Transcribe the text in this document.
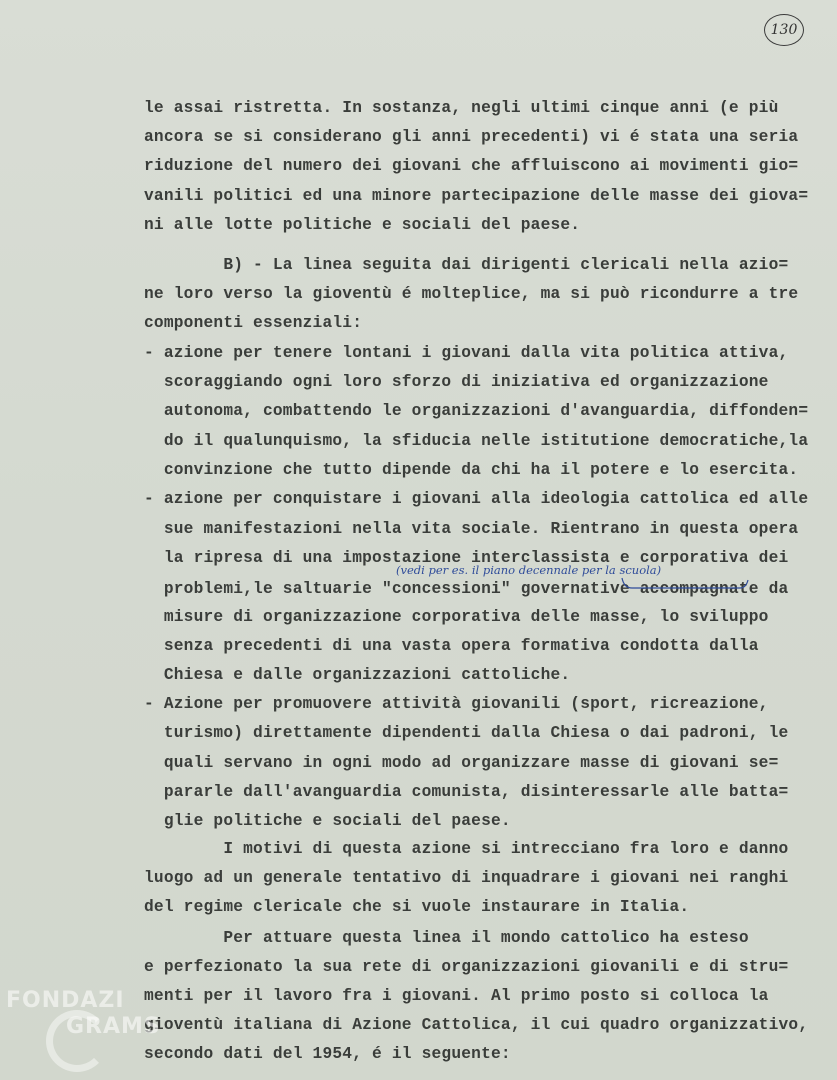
130
le assai ristretta. In sostanza, negli ultimi cinque anni (e più
ancora se si considerano gli anni precedenti) vi é stata una seria
riduzione del numero dei giovani che affluiscono ai movimenti gio=
vanili politici ed una minore partecipazione delle masse dei giova=
ni alle lotte politiche e sociali del paese.
B) - La linea seguita dai dirigenti clericali nella azio=
ne loro verso la gioventù é molteplice, ma si può ricondurre a tre
componenti essenziali:
- azione per tenere lontani i giovani dalla vita politica attiva,
scoraggiando ogni loro sforzo di iniziativa ed organizzazione
autonoma, combattendo le organizzazioni d'avanguardia, diffonden=
do il qualunquismo, la sfiducia nelle istitutione democratiche,la
convinzione che tutto dipende da chi ha il potere e lo esercita.
- azione per conquistare i giovani alla ideologia cattolica ed alle
sue manifestazioni nella vita sociale. Rientrano in questa opera
la ripresa di una impostazione interclassista e corporativa dei
problemi,le saltuarie "concessioni" governative accompagnate da
misure di organizzazione corporativa delle masse, lo sviluppo
senza precedenti di una vasta opera formativa condotta dalla
Chiesa e dalle organizzazioni cattoliche.
- Azione per promuovere attività giovanili (sport, ricreazione,
turismo) direttamente dipendenti dalla Chiesa o dai padroni, le
quali servano in ogni modo ad organizzare masse di giovani se=
pararle dall'avanguardia comunista, disinteressarle alle batta=
glie politiche e sociali del paese.
I motivi di questa azione si intrecciano fra loro e danno
luogo ad un generale tentativo di inquadrare i giovani nei ranghi
del regime clericale che si vuole instaurare in Italia.
Per attuare questa linea il mondo cattolico ha esteso
e perfezionato la sua rete di organizzazioni giovanili e di stru=
menti per il lavoro fra i giovani. Al primo posto si colloca la
gioventù italiana di Azione Cattolica, il cui quadro organizzativo,
secondo dati del 1954, é il seguente:
(vedi per es. il piano decennale per la scuola)
FONDAZI
GRAMS
